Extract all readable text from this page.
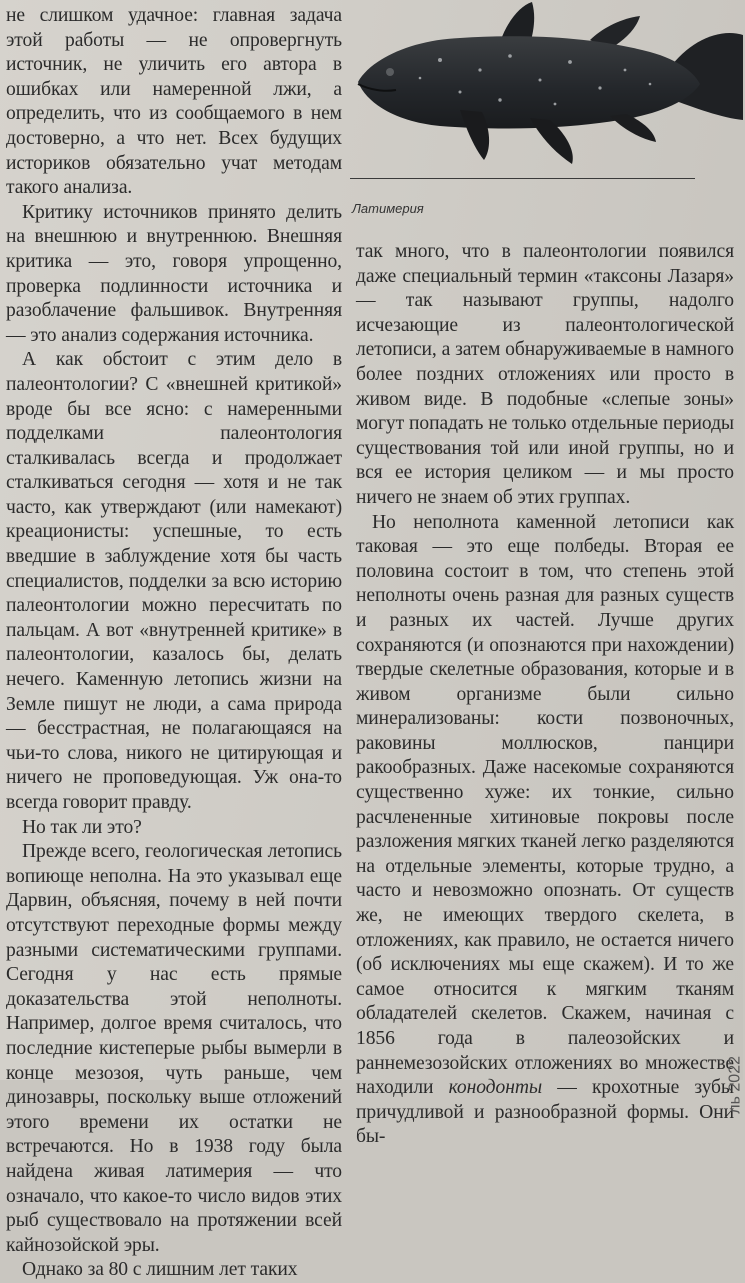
не слишком удачное: главная задача этой работы — не опровергнуть источник, не уличить его автора в ошибках или намеренной лжи, а определить, что из сообщаемого в нем достоверно, а что нет. Всех будущих историков обязательно учат методам такого анализа.

Критику источников принято делить на внешнюю и внутреннюю. Внешняя критика — это, говоря упрощенно, проверка подлинности источника и разоблачение фальшивок. Внутренняя — это анализ содержания источника.

А как обстоит с этим дело в палеонтологии? С «внешней критикой» вроде бы все ясно: с намеренными подделками палеонтология сталкивалась всегда и продолжает сталкиваться сегодня — хотя и не так часто, как утверждают (или намекают) креационисты: успешные, то есть введшие в заблуждение хотя бы часть специалистов, подделки за всю историю палеонтологии можно пересчитать по пальцам. А вот «внутренней критике» в палеонтологии, казалось бы, делать нечего. Каменную летопись жизни на Земле пишут не люди, а сама природа — бесстрастная, не полагающаяся на чьи-то слова, никого не цитирующая и ничего не проповедующая. Уж она-то всегда говорит правду.

Но так ли это?

Прежде всего, геологическая летопись вопиюще неполна. На это указывал еще Дарвин, объясняя, почему в ней почти отсутствуют переходные формы между разными систематическими группами. Сегодня у нас есть прямые доказательства этой неполноты. Например, долгое время считалось, что последние кистеперые рыбы вымерли в конце мезозоя, чуть раньше, чем динозавры, поскольку выше отложений этого времени их остатки не встречаются. Но в 1938 году была найдена живая латимерия — что означало, что какое-то число видов этих рыб существовало на протяжении всей кайнозойской эры.

Однако за 80 с лишним лет таких

Латимерия

так много, что в палеонтологии появился даже специальный термин «таксоны Лазаря» — так называют группы, надолго исчезающие из палеонтологической летописи, а затем обнаруживаемые в намного более поздних отложениях или просто в живом виде. В подобные «слепые зоны» могут попадать не только отдельные периоды существования той или иной группы, но и вся ее история целиком — и мы просто ничего не знаем об этих группах.

Но неполнота каменной летописи как таковая — это еще полбеды. Вторая ее половина состоит в том, что степень этой неполноты очень разная для разных существ и разных их частей. Лучше других сохраняются (и опознаются при нахождении) твердые скелетные образования, которые и в живом организме были сильно минерализованы: кости позвоночных, раковины моллюсков, панцири ракообразных. Даже насекомые сохраняются существенно хуже: их тонкие, сильно расчлененные хитиновые покровы после разложения мягких тканей легко разделяются на отдельные элементы, которые трудно, а часто и невозможно опознать. От существ же, не имеющих твердого скелета, в отложениях, как правило, не остается ничего (об исключениях мы еще скажем). И то же самое относится к мягким тканям обладателей скелетов. Скажем, начиная с 1856 года в палеозойских и раннемезозойских отложениях во множестве находили конодонты — крохотные зубы причудливой и разнообразной формы. Они бы-

ль 2022
